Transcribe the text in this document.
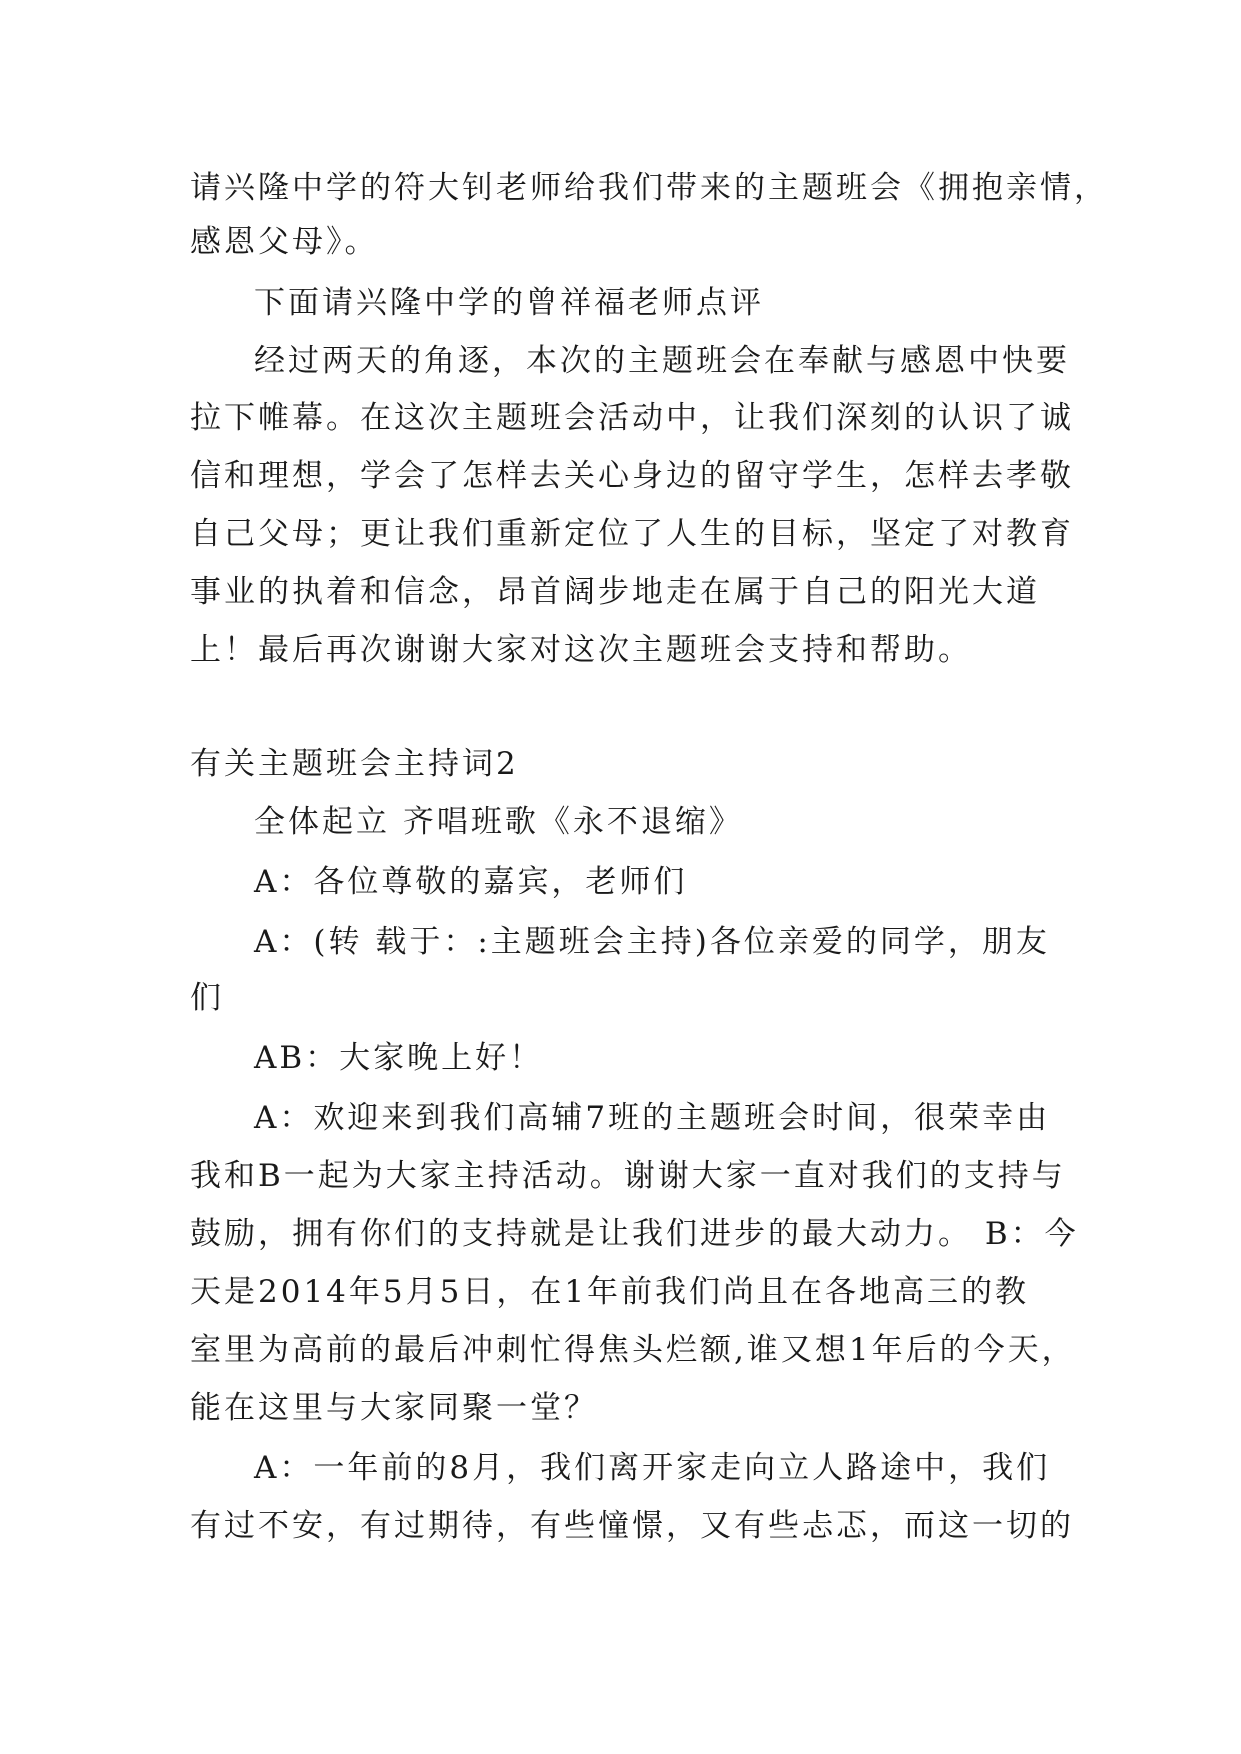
请兴隆中学的符大钊老师给我们带来的主题班会《拥抱亲情，
感恩父母》。
下面请兴隆中学的曾祥福老师点评
经过两天的角逐，本次的主题班会在奉献与感恩中快要
拉下帷幕。在这次主题班会活动中，让我们深刻的认识了诚
信和理想，学会了怎样去关心身边的留守学生，怎样去孝敬
自己父母；更让我们重新定位了人生的目标，坚定了对教育
事业的执着和信念，昂首阔步地走在属于自己的阳光大道
上！最后再次谢谢大家对这次主题班会支持和帮助。
有关主题班会主持词2
全体起立 齐唱班歌《永不退缩》
A：各位尊敬的嘉宾，老师们
A：(转 载于：:主题班会主持)各位亲爱的同学，朋友
们
AB：大家晚上好！
A：欢迎来到我们高辅7班的主题班会时间，很荣幸由
我和B一起为大家主持活动。谢谢大家一直对我们的支持与
鼓励，拥有你们的支持就是让我们进步的最大动力。 B：今
天是2014年5月5日，在1年前我们尚且在各地高三的教
室里为高前的最后冲刺忙得焦头烂额,谁又想1年后的今天，
能在这里与大家同聚一堂？
A：一年前的8月，我们离开家走向立人路途中，我们
有过不安，有过期待，有些憧憬，又有些忐忑，而这一切的
